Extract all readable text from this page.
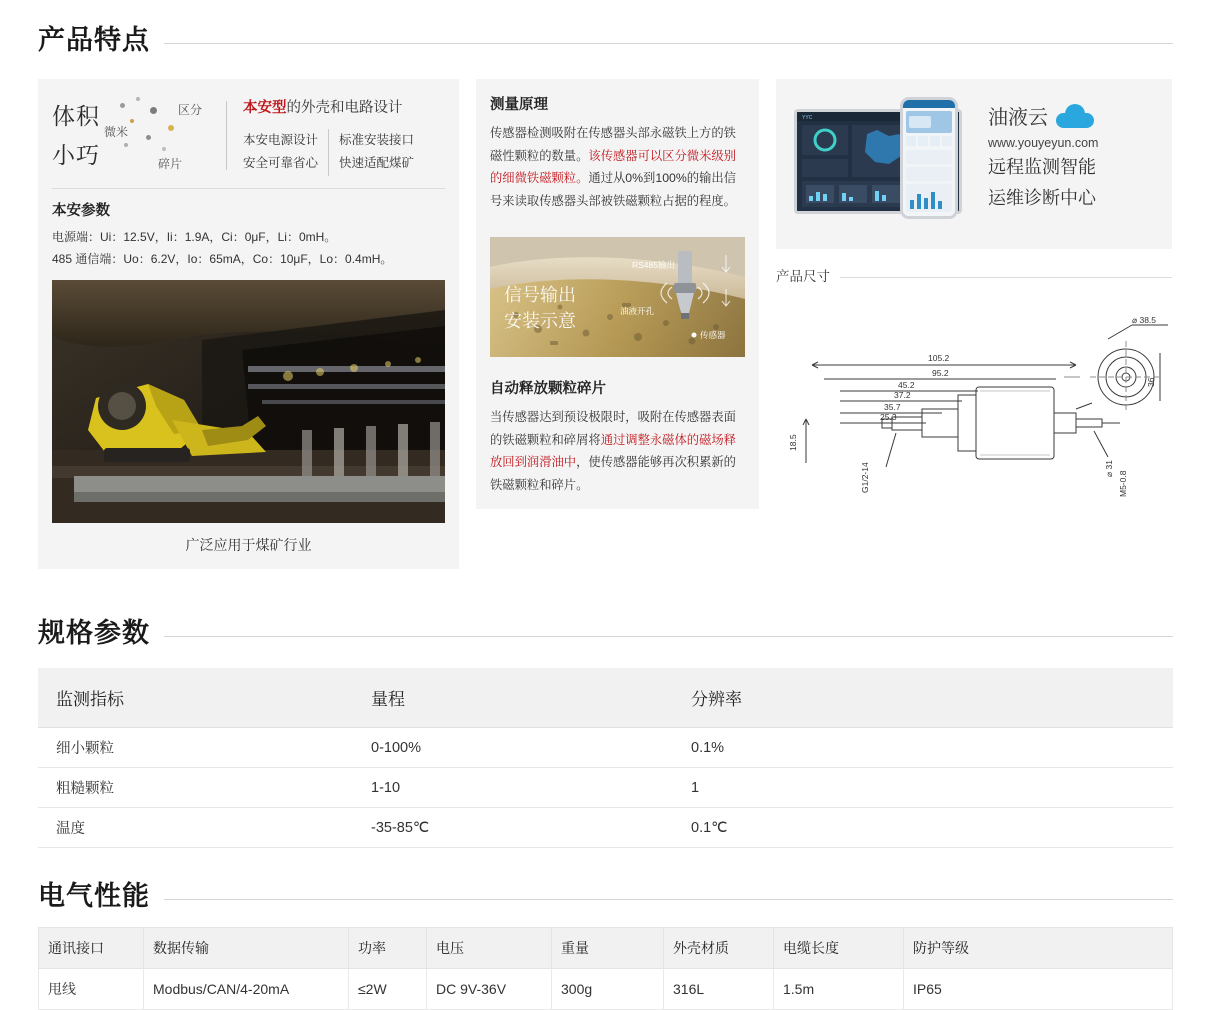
产品特点
体积
小巧
微米
区分
碎片
本安型的外壳和电路设计
本安电源设计
安全可靠省心
标准安装接口
快速适配煤矿
本安参数
电源端：Ui：12.5V，Ii：1.9A，Ci：0μF，Li：0mH。
485 通信端：Uo：6.2V，Io：65mA，Co：10μF，Lo：0.4mH。
广泛应用于煤矿行业
测量原理
传感器检测吸附在传感器头部永磁铁上方的铁磁性颗粒的数量。该传感器可以区分微米级别的细微铁磁颗粒。通过从0%到100%的输出信号来读取传感器头部被铁磁颗粒占据的程度。
信号输出
安装示意
RS485输出
油液开孔
传感器
自动释放颗粒碎片
当传感器达到预设极限时，吸附在传感器表面的铁磁颗粒和碎屑将通过调整永磁体的磁场释放回到润滑油中，使传感器能够再次积累新的铁磁颗粒和碎片。
YYC	油液云
www.youyeyun.com
远程监测智能
运维诊断中心
产品尺寸
⌀ 38.5
105.2
95.2
45.2
37.2
35.7
25.3
18.5
36
⌀ 31
G1/2-14	M5-0.8
规格参数
监测指标	量程	分辨率
细小颗粒	0-100%	0.1%
粗糙颗粒	1-10	1
温度	-35-85℃	0.1℃
电气性能
通讯接口	数据传输	功率	电压	重量	外壳材质	电缆长度	防护等级
甩线	Modbus/CAN/4-20mA	≤2W	DC 9V-36V	300g	316L	1.5m	IP65
